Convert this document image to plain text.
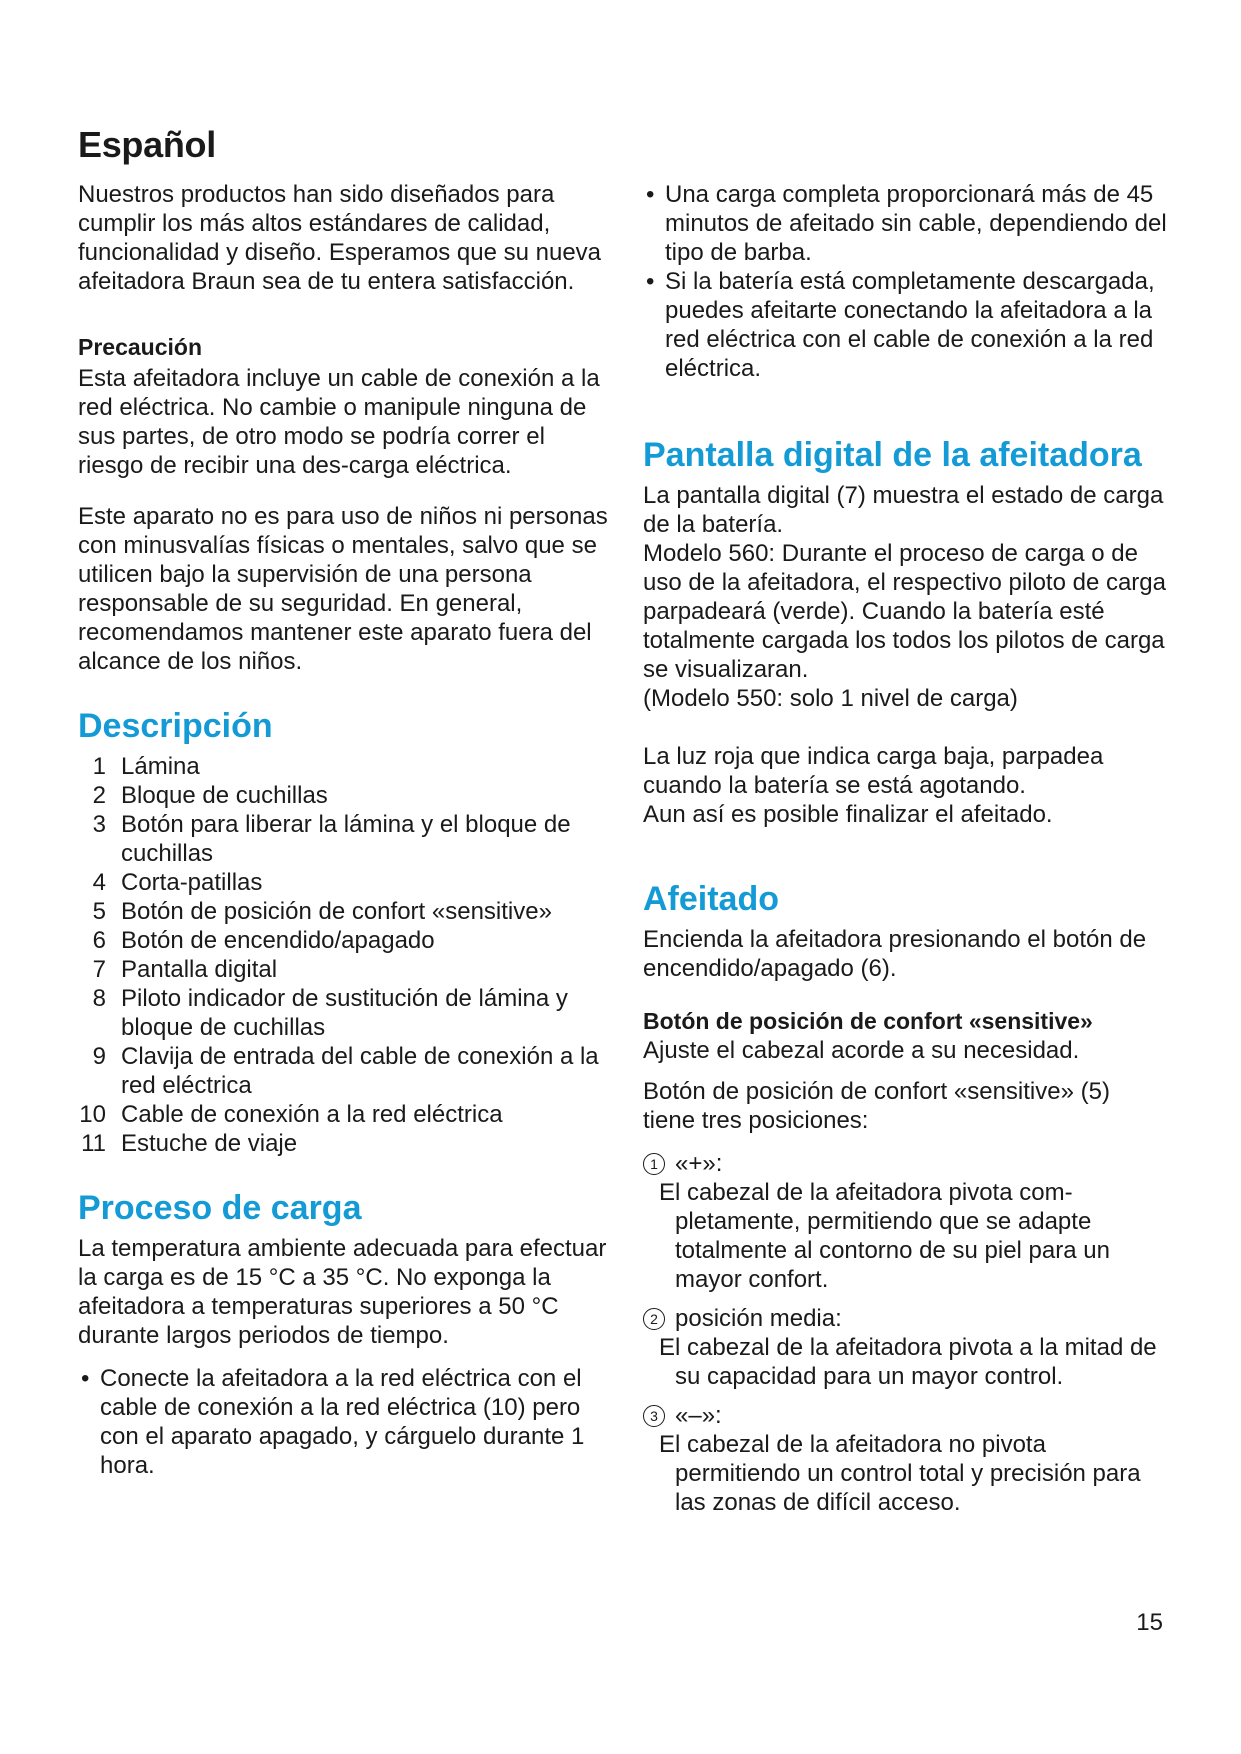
Español

Nuestros productos han sido diseñados para cumplir los más altos estándares de calidad, funcionalidad y diseño. Esperamos que su nueva afeitadora Braun sea de tu entera satisfacción.

Precaución

Esta afeitadora incluye un cable de conexión a la red eléctrica. No cambie o manipule ninguna de sus partes, de otro modo se podría correr el riesgo de recibir una des-carga eléctrica.

Este aparato no es para uso de niños ni personas con minusvalías físicas o mentales, salvo que se utilicen bajo la supervisión de una persona responsable de su seguridad. En general, recomendamos mantener este aparato fuera del alcance de los niños.

Descripción
1 Lámina
2 Bloque de cuchillas
3 Botón para liberar la lámina y el bloque de cuchillas
4 Corta-patillas
5 Botón de posición de confort «sensitive»
6 Botón de encendido/apagado
7 Pantalla digital
8 Piloto indicador de sustitución de lámina y bloque de cuchillas
9 Clavija de entrada del cable de conexión a la red eléctrica
10 Cable de conexión a la red eléctrica
11 Estuche de viaje
Proceso de carga

La temperatura ambiente adecuada para efectuar la carga es de 15 °C a 35 °C. No exponga la afeitadora a temperaturas superiores a 50 °C durante largos periodos de tiempo.

• Conecte la afeitadora a la red eléctrica con el cable de conexión a la red eléctrica (10) pero con el aparato apagado, y cárguelo durante 1 hora.
• Una carga completa proporcionará más de 45 minutos de afeitado sin cable, dependiendo del tipo de barba.
• Si la batería está completamente descargada, puedes afeitarte conectando la afeitadora a la red eléctrica con el cable de conexión a la red eléctrica.
Pantalla digital de la afeitadora

La pantalla digital (7) muestra el estado de carga de la batería.

Modelo 560: Durante el proceso de carga o de uso de la afeitadora, el respectivo piloto de carga parpadeará (verde). Cuando la batería esté totalmente cargada los todos los pilotos de carga se visualizaran.

(Modelo 550: solo 1 nivel de carga)

La luz roja que indica carga baja, parpadea cuando la batería se está agotando.

Aun así es posible finalizar el afeitado.

Afeitado

Encienda la afeitadora presionando el botón de encendido/apagado (6).

Botón de posición de confort «sensitive»

Ajuste el cabezal acorde a su necesidad.

Botón de posición de confort «sensitive» (5) tiene tres posiciones:

1 «+»:
El cabezal de la afeitadora pivota com-pletamente, permitiendo que se adapte totalmente al contorno de su piel para un mayor confort.
2 posición media:
El cabezal de la afeitadora pivota a la mitad de su capacidad para un mayor control.
3 «–»:
El cabezal de la afeitadora no pivota permitiendo un control total y precisión para las zonas de difícil acceso.
15
